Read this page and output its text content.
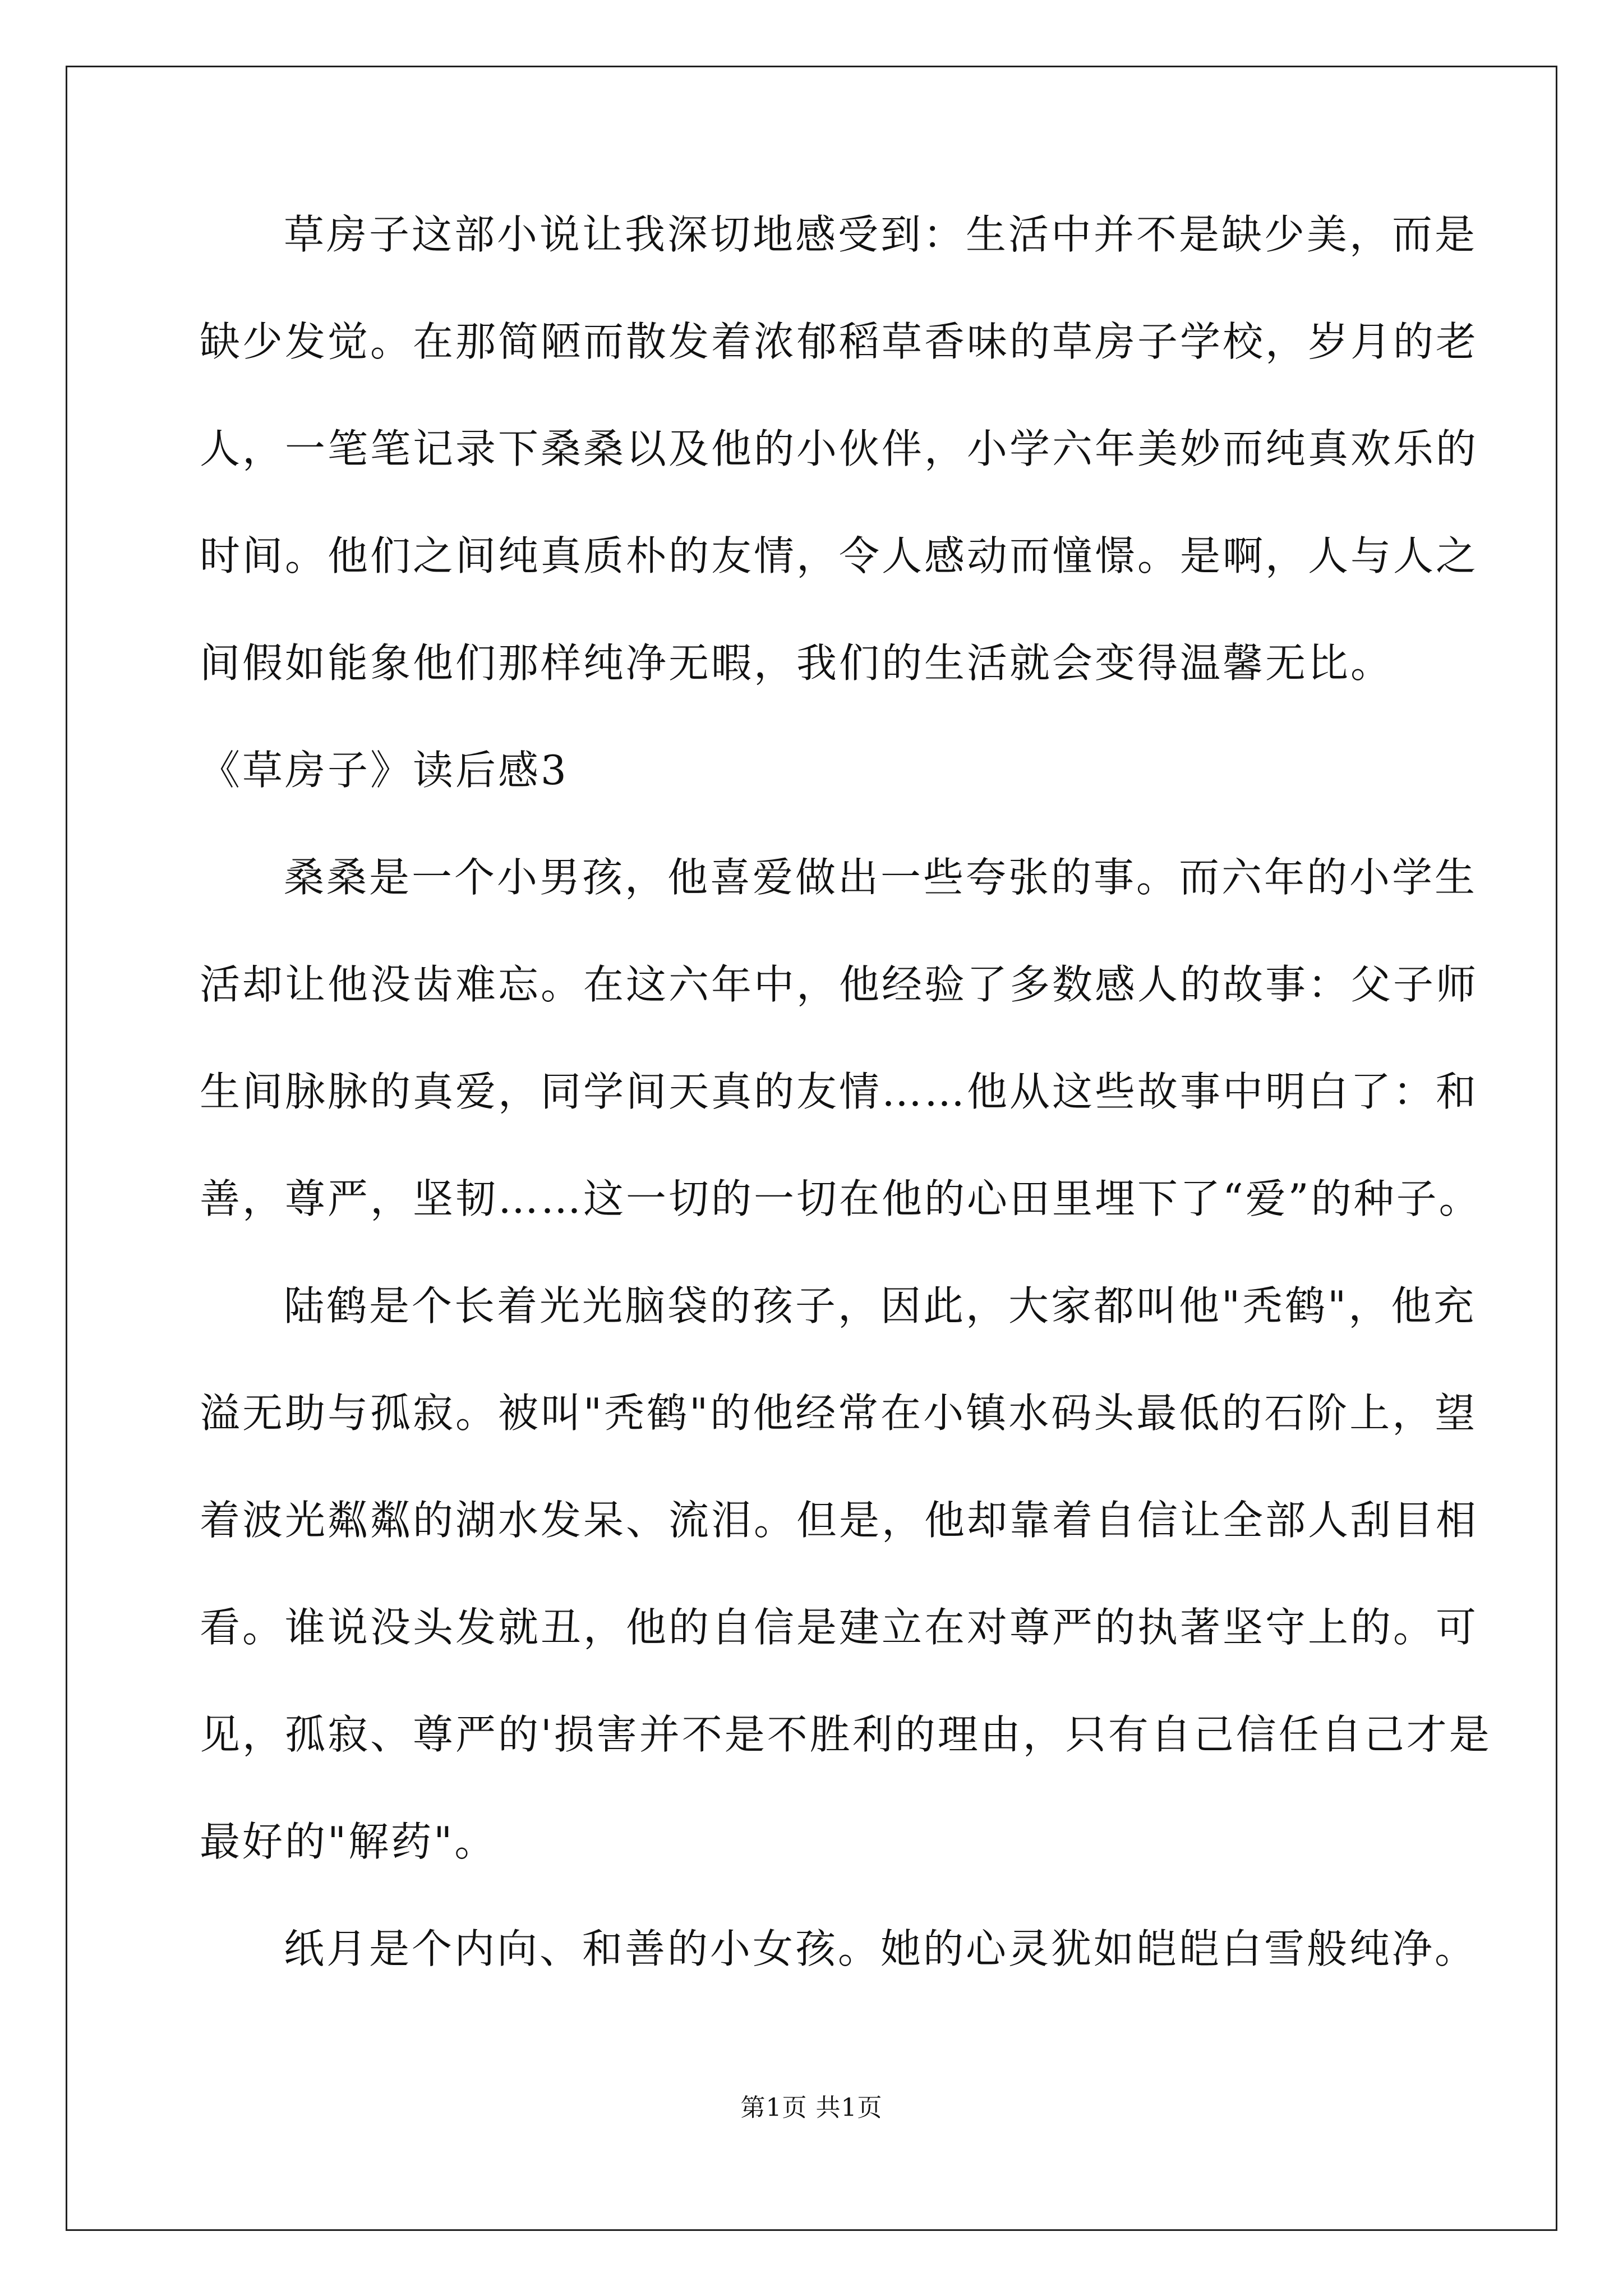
草房子这部小说让我深切地感受到：生活中并不是缺少美，而是
缺少发觉。在那简陋而散发着浓郁稻草香味的草房子学校，岁月的老
人，一笔笔记录下桑桑以及他的小伙伴，小学六年美妙而纯真欢乐的
时间。他们之间纯真质朴的友情，令人感动而憧憬。是啊，人与人之
间假如能象他们那样纯净无暇，我们的生活就会变得温馨无比。
《草房子》读后感3
桑桑是一个小男孩，他喜爱做出一些夸张的事。而六年的小学生
活却让他没齿难忘。在这六年中，他经验了多数感人的故事：父子师
生间脉脉的真爱，同学间天真的友情……他从这些故事中明白了：和
善，尊严，坚韧……这一切的一切在他的心田里埋下了“爱”的种子。
陆鹤是个长着光光脑袋的孩子，因此，大家都叫他"秃鹤"，他充
溢无助与孤寂。被叫"秃鹤"的他经常在小镇水码头最低的石阶上，望
着波光粼粼的湖水发呆、流泪。但是，他却靠着自信让全部人刮目相
看。谁说没头发就丑，他的自信是建立在对尊严的执著坚守上的。可
见，孤寂、尊严的'损害并不是不胜利的理由，只有自己信任自己才是
最好的"解药"。
纸月是个内向、和善的小女孩。她的心灵犹如皑皑白雪般纯净。
第1页 共1页
